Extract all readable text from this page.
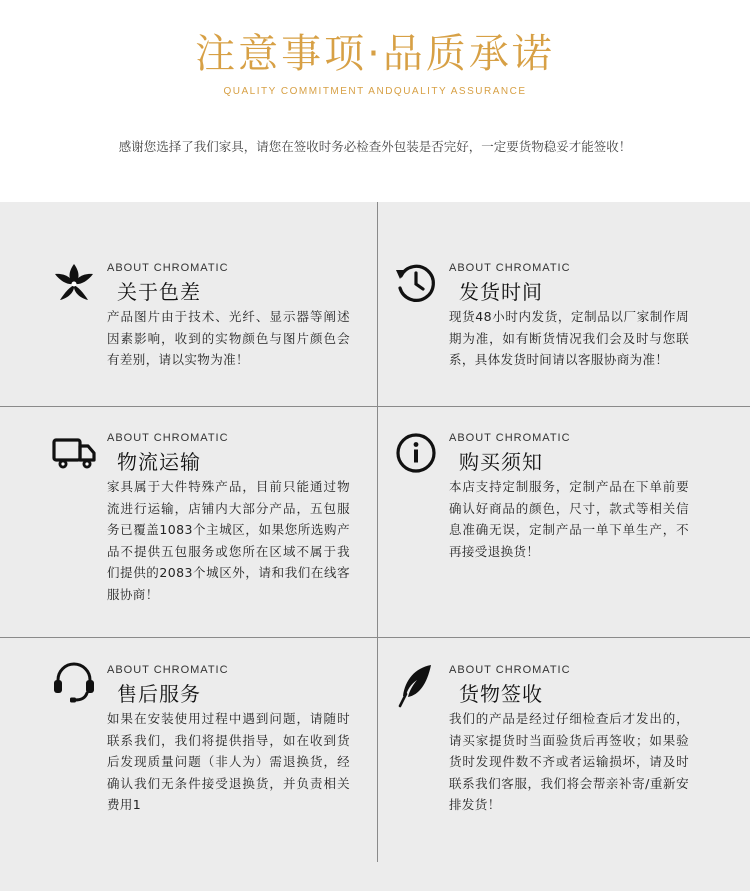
注意事项·品质承诺
QUALITY COMMITMENT ANDQUALITY ASSURANCE
感谢您选择了我们家具，请您在签收时务必检查外包装是否完好，一定要货物稳妥才能签收！
ABOUT CHROMATIC
关于色差
产品图片由于技术、光纤、显示器等阐述因素影响，收到的实物颜色与图片颜色会有差别，请以实物为准！
ABOUT CHROMATIC
发货时间
现货48小时内发货，定制品以厂家制作周期为准，如有断货情况我们会及时与您联系，具体发货时间请以客服协商为准！
ABOUT CHROMATIC
物流运输
家具属于大件特殊产品，目前只能通过物流进行运输，店铺内大部分产品，五包服务已覆盖1083个主城区，如果您所选购产品不提供五包服务或您所在区域不属于我们提供的2083个城区外，请和我们在线客服协商！
ABOUT CHROMATIC
购买须知
本店支持定制服务，定制产品在下单前要确认好商品的颜色，尺寸，款式等相关信息准确无误，定制产品一单下单生产，不再接受退换货！
ABOUT CHROMATIC
售后服务
如果在安装使用过程中遇到问题，请随时联系我们，我们将提供指导，如在收到货后发现质量问题（非人为）需退换货，经确认我们无条件接受退换货，并负责相关费用1
ABOUT CHROMATIC
货物签收
我们的产品是经过仔细检查后才发出的，请买家提货时当面验货后再签收；如果验货时发现件数不齐或者运输损坏，请及时联系我们客服，我们将会帮亲补寄/重新安排发货！
